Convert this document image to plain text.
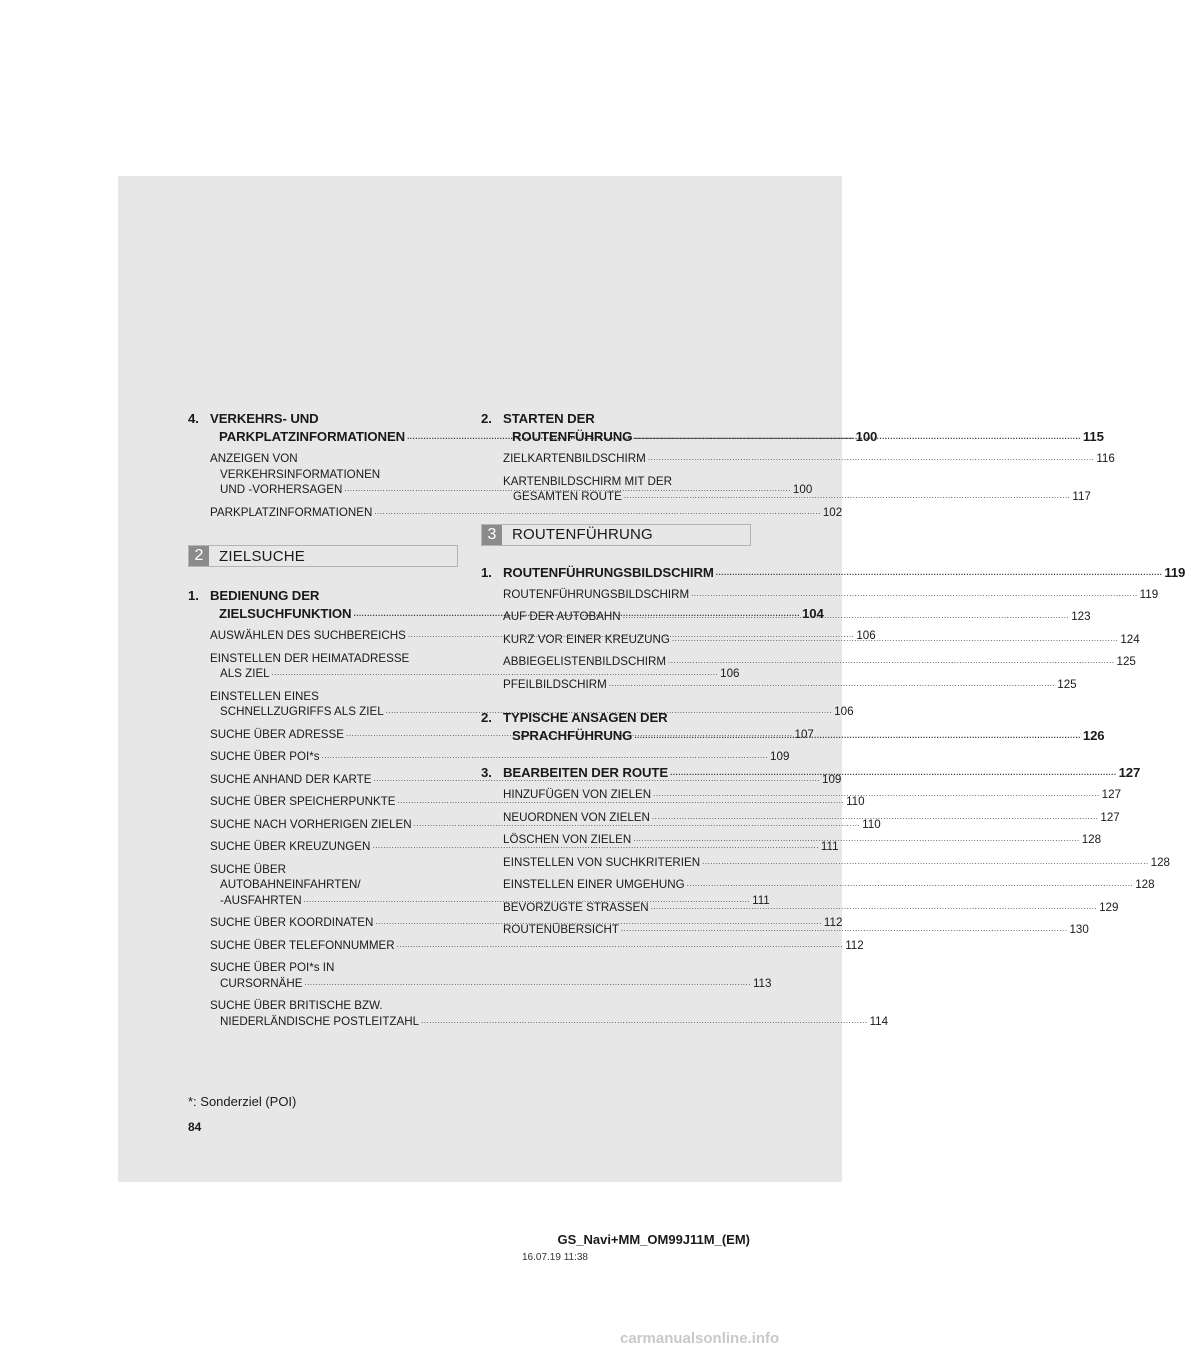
4. VERKEHRS- UND
PARKPLATZINFORMATIONEN .....	100
ANZEIGEN VON
VERKEHRSINFORMATIONEN
UND -VORHERSAGEN .....	100
PARKPLATZINFORMATIONEN .....	102
2	ZIELSUCHE
1. BEDIENUNG DER
ZIELSUCHFUNKTION .....	104
AUSWÄHLEN DES SUCHBEREICHS .....	106
EINSTELLEN DER HEIMATADRESSE
ALS ZIEL .....	106
EINSTELLEN EINES
SCHNELLZUGRIFFS ALS ZIEL .....	106
SUCHE ÜBER ADRESSE .....	107
SUCHE ÜBER POI*s .....	109
SUCHE ANHAND DER KARTE .....	109
SUCHE ÜBER SPEICHERPUNKTE .....	110
SUCHE NACH VORHERIGEN ZIELEN .....	110
SUCHE ÜBER KREUZUNGEN .....	111
SUCHE ÜBER
AUTOBAHNEINFAHRTEN/
-AUSFAHRTEN .....	111
SUCHE ÜBER KOORDINATEN .....	112
SUCHE ÜBER TELEFONNUMMER .....	112
SUCHE ÜBER POI*s IN
CURSORNÄHE .....	113
SUCHE ÜBER BRITISCHE BZW.
NIEDERLÄNDISCHE POSTLEITZAHL .....	114
2. STARTEN DER
ROUTENFÜHRUNG .....	115
ZIELKARTENBILDSCHIRM .....	116
KARTENBILDSCHIRM MIT DER
GESAMTEN ROUTE .....	117
3	ROUTENFÜHRUNG
1. ROUTENFÜHRUNGSBILDSCHIRM .....	119
ROUTENFÜHRUNGSBILDSCHIRM .....	119
AUF DER AUTOBAHN .....	123
KURZ VOR EINER KREUZUNG .....	124
ABBIEGELISTENBILDSCHIRM .....	125
PFEILBILDSCHIRM .....	125
2. TYPISCHE ANSAGEN DER
SPRACHFÜHRUNG .....	126
3. BEARBEITEN DER ROUTE .....	127
HINZUFÜGEN VON ZIELEN .....	127
NEUORDNEN VON ZIELEN .....	127
LÖSCHEN VON ZIELEN .....	128
EINSTELLEN VON SUCHKRITERIEN .....	128
EINSTELLEN EINER UMGEHUNG .....	128
BEVORZUGTE STRASSEN .....	129
ROUTENÜBERSICHT .....	130
*: Sonderziel (POI)
84
GS_Navi+MM_OM99J11M_(EM)
16.07.19 11:38
carmanualsonline.info
